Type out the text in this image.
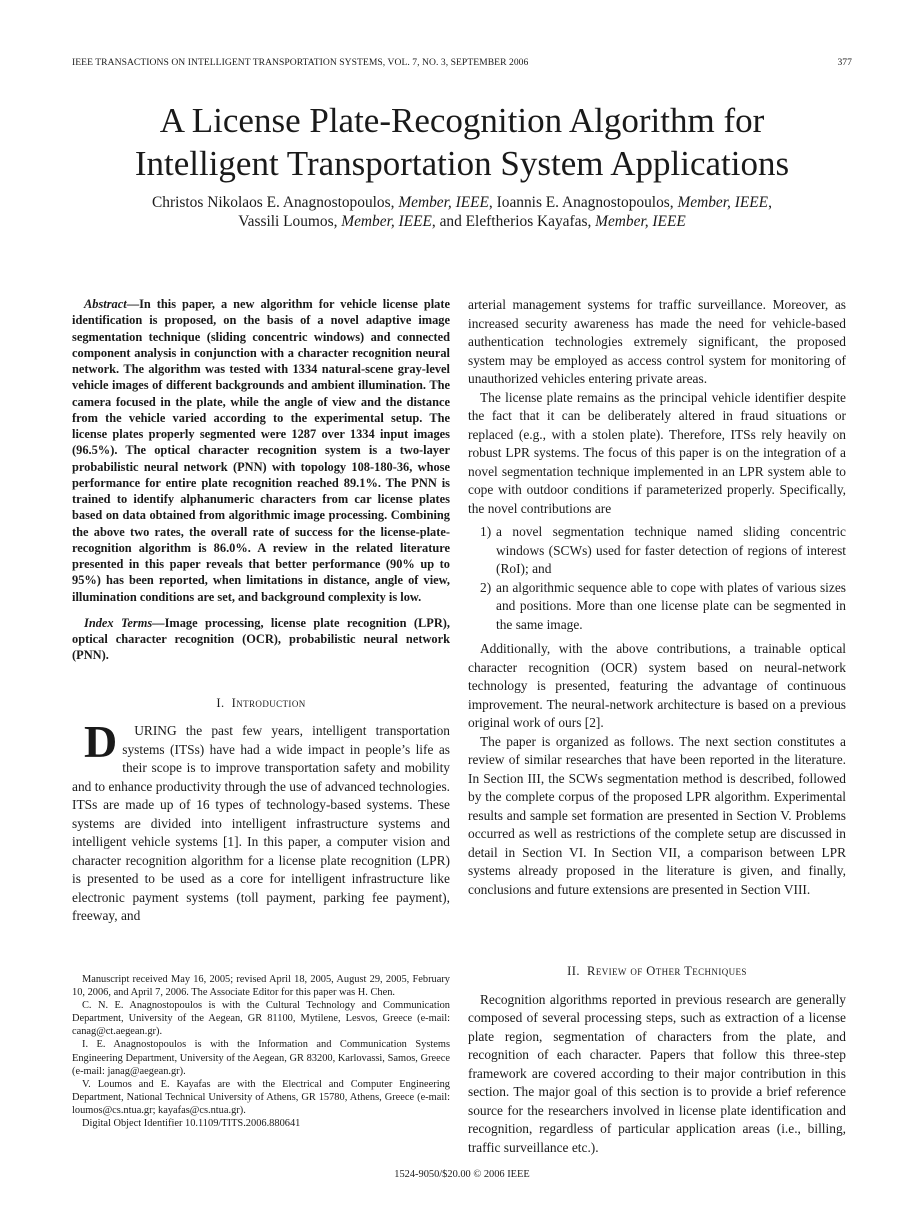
IEEE TRANSACTIONS ON INTELLIGENT TRANSPORTATION SYSTEMS, VOL. 7, NO. 3, SEPTEMBER 2006	377
A License Plate-Recognition Algorithm for
Intelligent Transportation System Applications
Christos Nikolaos E. Anagnostopoulos, Member, IEEE, Ioannis E. Anagnostopoulos, Member, IEEE,
Vassili Loumos, Member, IEEE, and Eleftherios Kayafas, Member, IEEE

Abstract—In this paper, a new algorithm for vehicle license plate identification is proposed, on the basis of a novel adaptive image segmentation technique (sliding concentric windows) and connected component analysis in conjunction with a character recognition neural network. The algorithm was tested with 1334 natural-scene gray-level vehicle images of different backgrounds and ambient illumination. The camera focused in the plate, while the angle of view and the distance from the vehicle varied according to the experimental setup. The license plates properly segmented were 1287 over 1334 input images (96.5%). The optical character recognition system is a two-layer probabilistic neural network (PNN) with topology 108-180-36, whose performance for entire plate recognition reached 89.1%. The PNN is trained to identify alphanumeric characters from car license plates based on data obtained from algorithmic image processing. Combining the above two rates, the overall rate of success for the license-plate-recognition algorithm is 86.0%. A review in the related literature presented in this paper reveals that better performance (90% up to 95%) has been reported, when limitations in distance, angle of view, illumination conditions are set, and background complexity is low.

Index Terms—Image processing, license plate recognition (LPR), optical character recognition (OCR), probabilistic neural network (PNN).

I. Introduction

D URING the past few years, intelligent transportation systems (ITSs) have had a wide impact in people’s life as their scope is to improve transportation safety and mobility and to enhance productivity through the use of advanced technologies. ITSs are made up of 16 types of technology-based systems. These systems are divided into intelligent infrastructure systems and intelligent vehicle systems [1]. In this paper, a computer vision and character recognition algorithm for a license plate recognition (LPR) is presented to be used as a core for intelligent infrastructure like electronic payment systems (toll payment, parking fee payment), freeway, and

arterial management systems for traffic surveillance. Moreover, as increased security awareness has made the need for vehicle-based authentication technologies extremely significant, the proposed system may be employed as access control system for monitoring of unauthorized vehicles entering private areas.

The license plate remains as the principal vehicle identifier despite the fact that it can be deliberately altered in fraud situations or replaced (e.g., with a stolen plate). Therefore, ITSs rely heavily on robust LPR systems. The focus of this paper is on the integration of a novel segmentation technique implemented in an LPR system able to cope with outdoor conditions if parameterized properly. Specifically, the novel contributions are

1) a novel segmentation technique named sliding concentric windows (SCWs) used for faster detection of regions of interest (RoI); and
2) an algorithmic sequence able to cope with plates of various sizes and positions. More than one license plate can be segmented in the same image.

Additionally, with the above contributions, a trainable optical character recognition (OCR) system based on neural-network technology is presented, featuring the advantage of continuous improvement. The neural-network architecture is based on a previous original work of ours [2].

The paper is organized as follows. The next section constitutes a review of similar researches that have been reported in the literature. In Section III, the SCWs segmentation method is described, followed by the complete corpus of the proposed LPR algorithm. Experimental results and sample set formation are presented in Section V. Problems occurred as well as restrictions of the complete setup are discussed in detail in Section VI. In Section VII, a comparison between LPR systems already proposed in the literature is given, and finally, conclusions and future extensions are presented in Section VIII.

II. Review of Other Techniques

Recognition algorithms reported in previous research are generally composed of several processing steps, such as extraction of a license plate region, segmentation of characters from the plate, and recognition of each character. Papers that follow this three-step framework are covered according to their major contribution in this section. The major goal of this section is to provide a brief reference source for the researchers involved in license plate identification and recognition, regardless of particular application areas (i.e., billing, traffic surveillance etc.).

Manuscript received May 16, 2005; revised April 18, 2005, August 29, 2005, February 10, 2006, and April 7, 2006. The Associate Editor for this paper was H. Chen.

C. N. E. Anagnostopoulos is with the Cultural Technology and Communication Department, University of the Aegean, GR 81100, Mytilene, Lesvos, Greece (e-mail: canag@ct.aegean.gr).

I. E. Anagnostopoulos is with the Information and Communication Systems Engineering Department, University of the Aegean, GR 83200, Karlovassi, Samos, Greece (e-mail: janag@aegean.gr).

V. Loumos and E. Kayafas are with the Electrical and Computer Engineering Department, National Technical University of Athens, GR 15780, Athens, Greece (e-mail: loumos@cs.ntua.gr; kayafas@cs.ntua.gr).

Digital Object Identifier 10.1109/TITS.2006.880641

1524-9050/$20.00 © 2006 IEEE
